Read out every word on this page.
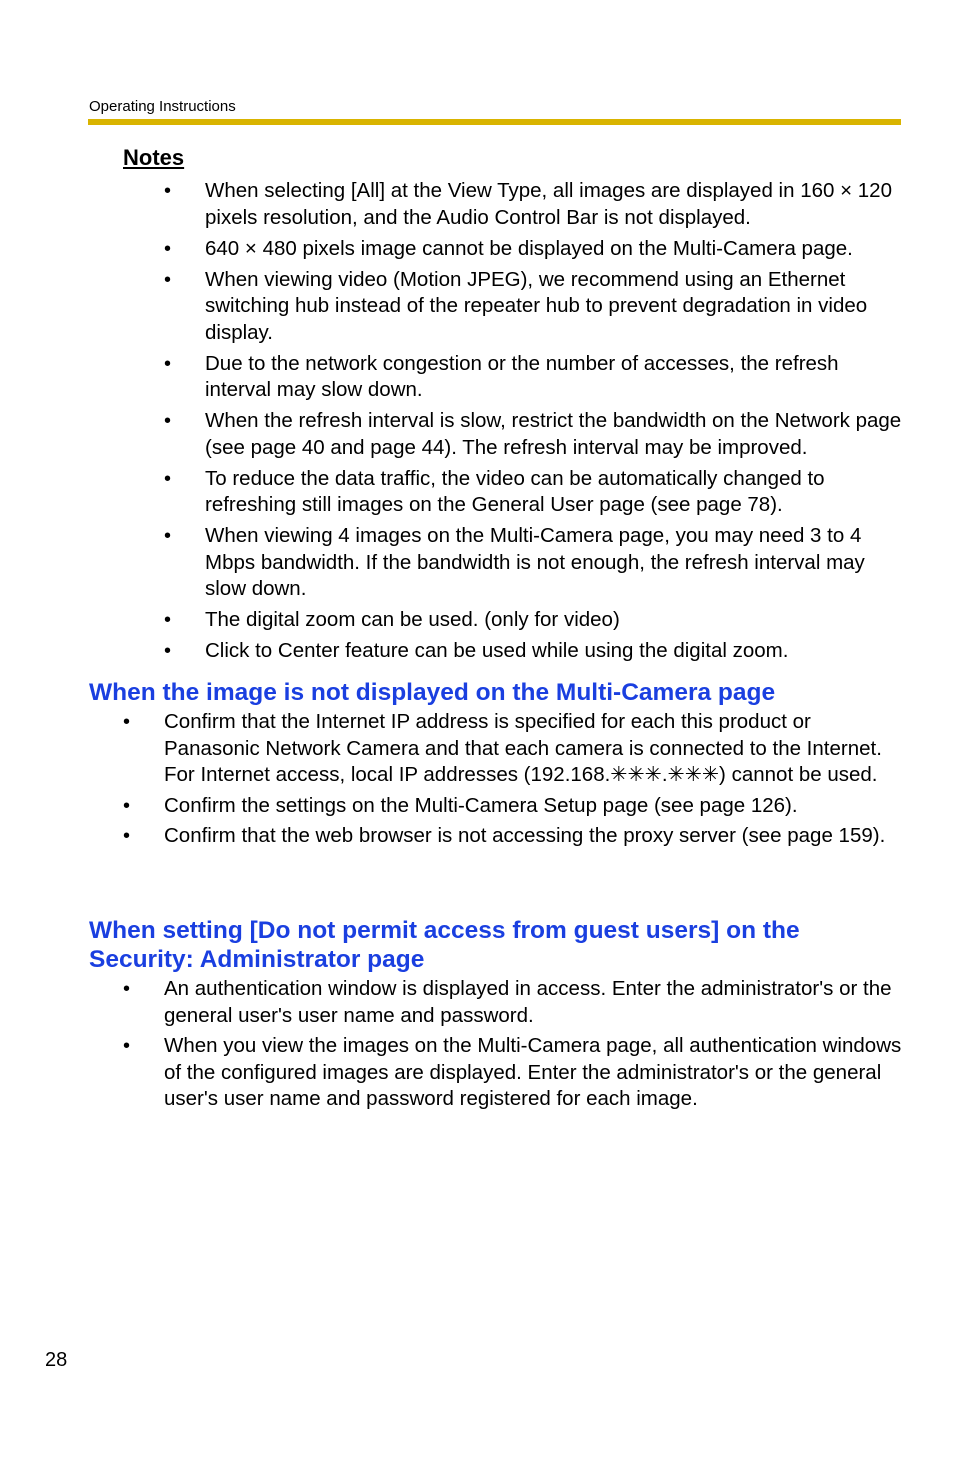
Operating Instructions
Notes
• When selecting [All] at the View Type, all images are displayed in 160 × 120 pixels resolution, and the Audio Control Bar is not displayed.
• 640 × 480 pixels image cannot be displayed on the Multi-Camera page.
• When viewing video (Motion JPEG), we recommend using an Ethernet switching hub instead of the repeater hub to prevent degradation in video display.
• Due to the network congestion or the number of accesses, the refresh interval may slow down.
• When the refresh interval is slow, restrict the bandwidth on the Network page (see page 40 and page 44). The refresh interval may be improved.
• To reduce the data traffic, the video can be automatically changed to refreshing still images on the General User page (see page 78).
• When viewing 4 images on the Multi-Camera page, you may need 3 to 4 Mbps bandwidth. If the bandwidth is not enough, the refresh interval may slow down.
• The digital zoom can be used. (only for video)
• Click to Center feature can be used while using the digital zoom.
When the image is not displayed on the Multi-Camera page
• Confirm that the Internet IP address is specified for each this product or Panasonic Network Camera and that each camera is connected to the Internet. For Internet access, local IP addresses (192.168.✳✳✳.✳✳✳) cannot be used.
• Confirm the settings on the Multi-Camera Setup page (see page 126).
• Confirm that the web browser is not accessing the proxy server (see page 159).
When setting [Do not permit access from guest users] on the Security: Administrator page
• An authentication window is displayed in access. Enter the administrator's or the general user's user name and password.
• When you view the images on the Multi-Camera page, all authentication windows of the configured images are displayed. Enter the administrator's or the general user's user name and password registered for each image.
28
